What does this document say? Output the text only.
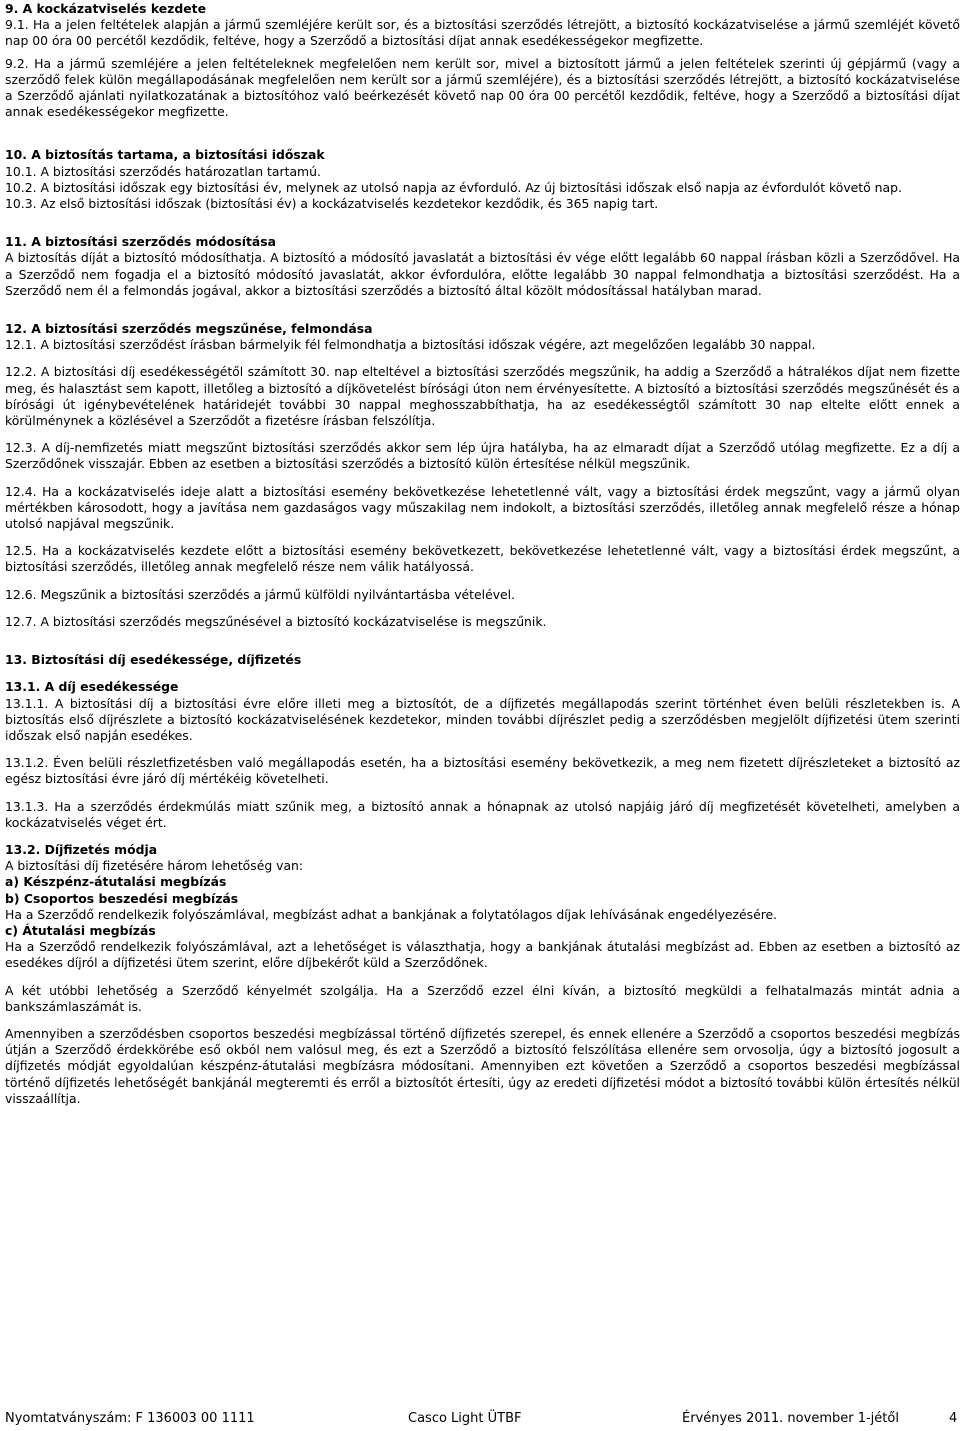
9. A kockázatviselés kezdete

9.1. Ha a jelen feltételek alapján a jármű szemléjére került sor, és a biztosítási szerződés létrejött, a biztosító kockázatviselése a jármű szemléjét követő nap 00 óra 00 percétől kezdődik, feltéve, hogy a Szerződő a biztosítási díjat annak esedékességekor megfizette.

9.2. Ha a jármű szemléjére a jelen feltételeknek megfelelően nem került sor, mivel a biztosított jármű a jelen feltételek szerinti új gépjármű (vagy a szerződő felek külön megállapodásának megfelelően nem került sor a jármű szemléjére), és a biztosítási szerződés létrejött, a biztosító kockázatviselése a Szerződő ajánlati nyilatkozatának a biztosítóhoz való beérkezését követő nap 00 óra 00 percétől kezdődik, feltéve, hogy a Szerződő a biztosítási díjat annak esedékességekor megfizette.

10. A biztosítás tartama, a biztosítási időszak

10.1. A biztosítási szerződés határozatlan tartamú.

10.2. A biztosítási időszak egy biztosítási év, melynek az utolsó napja az évforduló. Az új biztosítási időszak első napja az évfordulót követő nap.

10.3. Az első biztosítási időszak (biztosítási év) a kockázatviselés kezdetekor kezdődik, és 365 napig tart.

11. A biztosítási szerződés módosítása

A biztosítás díját a biztosító módosíthatja. A biztosító a módosító javaslatát a biztosítási év vége előtt legalább 60 nappal írásban közli a Szerződővel. Ha a Szerződő nem fogadja el a biztosító módosító javaslatát, akkor évfordulóra, előtte legalább 30 nappal felmondhatja a biztosítási szerződést. Ha a Szerződő nem él a felmondás jogával, akkor a biztosítási szerződés a biztosító által közölt módosítással hatályban marad.

12. A biztosítási szerződés megszűnése, felmondása

12.1. A biztosítási szerződést írásban bármelyik fél felmondhatja a biztosítási időszak végére, azt megelőzően legalább 30 nappal.

12.2. A biztosítási díj esedékességétől számított 30. nap elteltével a biztosítási szerződés megszűnik, ha addig a Szerződő a hátralékos díjat nem fizette meg, és halasztást sem kapott, illetőleg a biztosító a díjkövetelést bírósági úton nem érvényesítette. A biztosító a biztosítási szerződés megszűnését és a bírósági út igénybevételének határidejét további 30 nappal meghosszabbíthatja, ha az esedékességtől számított 30 nap eltelte előtt ennek a körülménynek a közlésével a Szerződőt a fizetésre írásban felszólítja.

12.3. A díj-nemfizetés miatt megszűnt biztosítási szerződés akkor sem lép újra hatályba, ha az elmaradt díjat a Szerződő utólag megfizette. Ez a díj a Szerződőnek visszajár. Ebben az esetben a biztosítási szerződés a biztosító külön értesítése nélkül megszűnik.

12.4. Ha a kockázatviselés ideje alatt a biztosítási esemény bekövetkezése lehetetlenné vált, vagy a biztosítási érdek megszűnt, vagy a jármű olyan mértékben károsodott, hogy a javítása nem gazdaságos vagy műszakilag nem indokolt, a biztosítási szerződés, illetőleg annak megfelelő része a hónap utolsó napjával megszűnik.

12.5. Ha a kockázatviselés kezdete előtt a biztosítási esemény bekövetkezett, bekövetkezése lehetetlenné vált, vagy a biztosítási érdek megszűnt, a biztosítási szerződés, illetőleg annak megfelelő része nem válik hatályossá.

12.6. Megszűnik a biztosítási szerződés a jármű külföldi nyilvántartásba vételével.

12.7. A biztosítási szerződés megszűnésével a biztosító kockázatviselése is megszűnik.

13. Biztosítási díj esedékessége, díjfizetés

13.1. A díj esedékessége

13.1.1. A biztosítási díj a biztosítási évre előre illeti meg a biztosítót, de a díjfizetés megállapodás szerint történhet éven belüli részletekben is. A biztosítás első díjrészlete a biztosító kockázatviselésének kezdetekor, minden további díjrészlet pedig a szerződésben megjelölt díjfizetési ütem szerinti időszak első napján esedékes.

13.1.2. Éven belüli részletfizetésben való megállapodás esetén, ha a biztosítási esemény bekövetkezik, a meg nem fizetett díjrészleteket a biztosító az egész biztosítási évre járó díj mértékéig követelheti.

13.1.3. Ha a szerződés érdekmúlás miatt szűnik meg, a biztosító annak a hónapnak az utolsó napjáig járó díj megfizetését követelheti, amelyben a kockázatviselés véget ért.

13.2. Díjfizetés módja

A biztosítási díj fizetésére három lehetőség van:

a) Készpénz-átutalási megbízás

b) Csoportos beszedési megbízás

Ha a Szerződő rendelkezik folyószámlával, megbízást adhat a bankjának a folytatólagos díjak lehívásának engedélyezésére.

c) Átutalási megbízás

Ha a Szerződő rendelkezik folyószámlával, azt a lehetőséget is választhatja, hogy a bankjának átutalási megbízást ad. Ebben az esetben a biztosító az esedékes díjról a díjfizetési ütem szerint, előre díjbekérőt küld a Szerződőnek.

A két utóbbi lehetőség a Szerződő kényelmét szolgálja. Ha a Szerződő ezzel élni kíván, a biztosító megküldi a felhatalmazás mintát adnia a bankszámlaszámát is.

Amennyiben a szerződésben csoportos beszedési megbízással történő díjfizetés szerepel, és ennek ellenére a Szerződő a csoportos beszedési megbízás útján a Szerződő érdekkörébe eső okból nem valósul meg, és ezt a Szerződő a biztosító felszólítása ellenére sem orvosolja, úgy a biztosító jogosult a díjfizetés módját egyoldalúan készpénz-átutalási megbízásra módosítani. Amennyiben ezt követően a Szerződő a csoportos beszedési megbízással történő díjfizetés lehetőségét bankjánál megteremti és erről a biztosítót értesíti, úgy az eredeti díjfizetési módot a biztosító további külön értesítés nélkül visszaállítja.

Nyomtatványszám: F 136003 00 1111	Casco Light ÜTBF	Érvényes 2011. november 1-jétől	4
